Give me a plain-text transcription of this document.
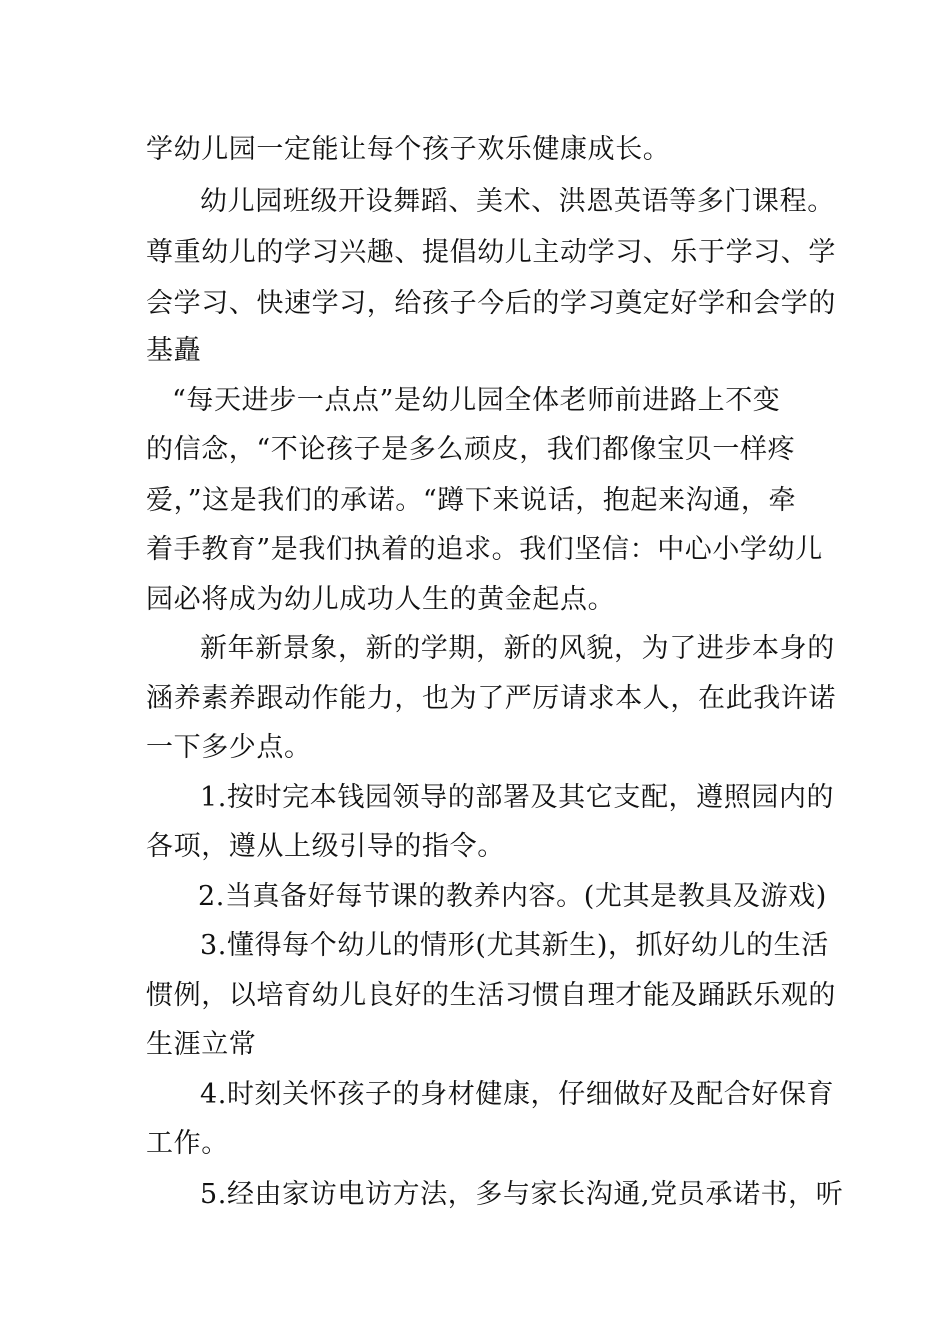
学幼儿园一定能让每个孩子欢乐健康成长。
幼儿园班级开设舞蹈、美术、洪恩英语等多门课程。
尊重幼儿的学习兴趣、提倡幼儿主动学习、乐于学习、学
会学习、快速学习，给孩子今后的学习奠定好学和会学的
基矗
“每天进步一点点”是幼儿园全体老师前进路上不变
的信念，“不论孩子是多么顽皮，我们都像宝贝一样疼
爱，”这是我们的承诺。“蹲下来说话，抱起来沟通，牵
着手教育”是我们执着的追求。我们坚信：中心小学幼儿
园必将成为幼儿成功人生的黄金起点。
新年新景象，新的学期，新的风貌，为了进步本身的
涵养素养跟动作能力，也为了严厉请求本人，在此我许诺
一下多少点。
1.按时完本钱园领导的部署及其它支配，遵照园内的
各项，遵从上级引导的指令。
2.当真备好每节课的教养内容。(尤其是教具及游戏)
3.懂得每个幼儿的情形(尤其新生)，抓好幼儿的生活
惯例，以培育幼儿良好的生活习惯自理才能及踊跃乐观的
生涯立常
4.时刻关怀孩子的身材健康，仔细做好及配合好保育
工作。
5.经由家访电访方法，多与家长沟通,党员承诺书，听
